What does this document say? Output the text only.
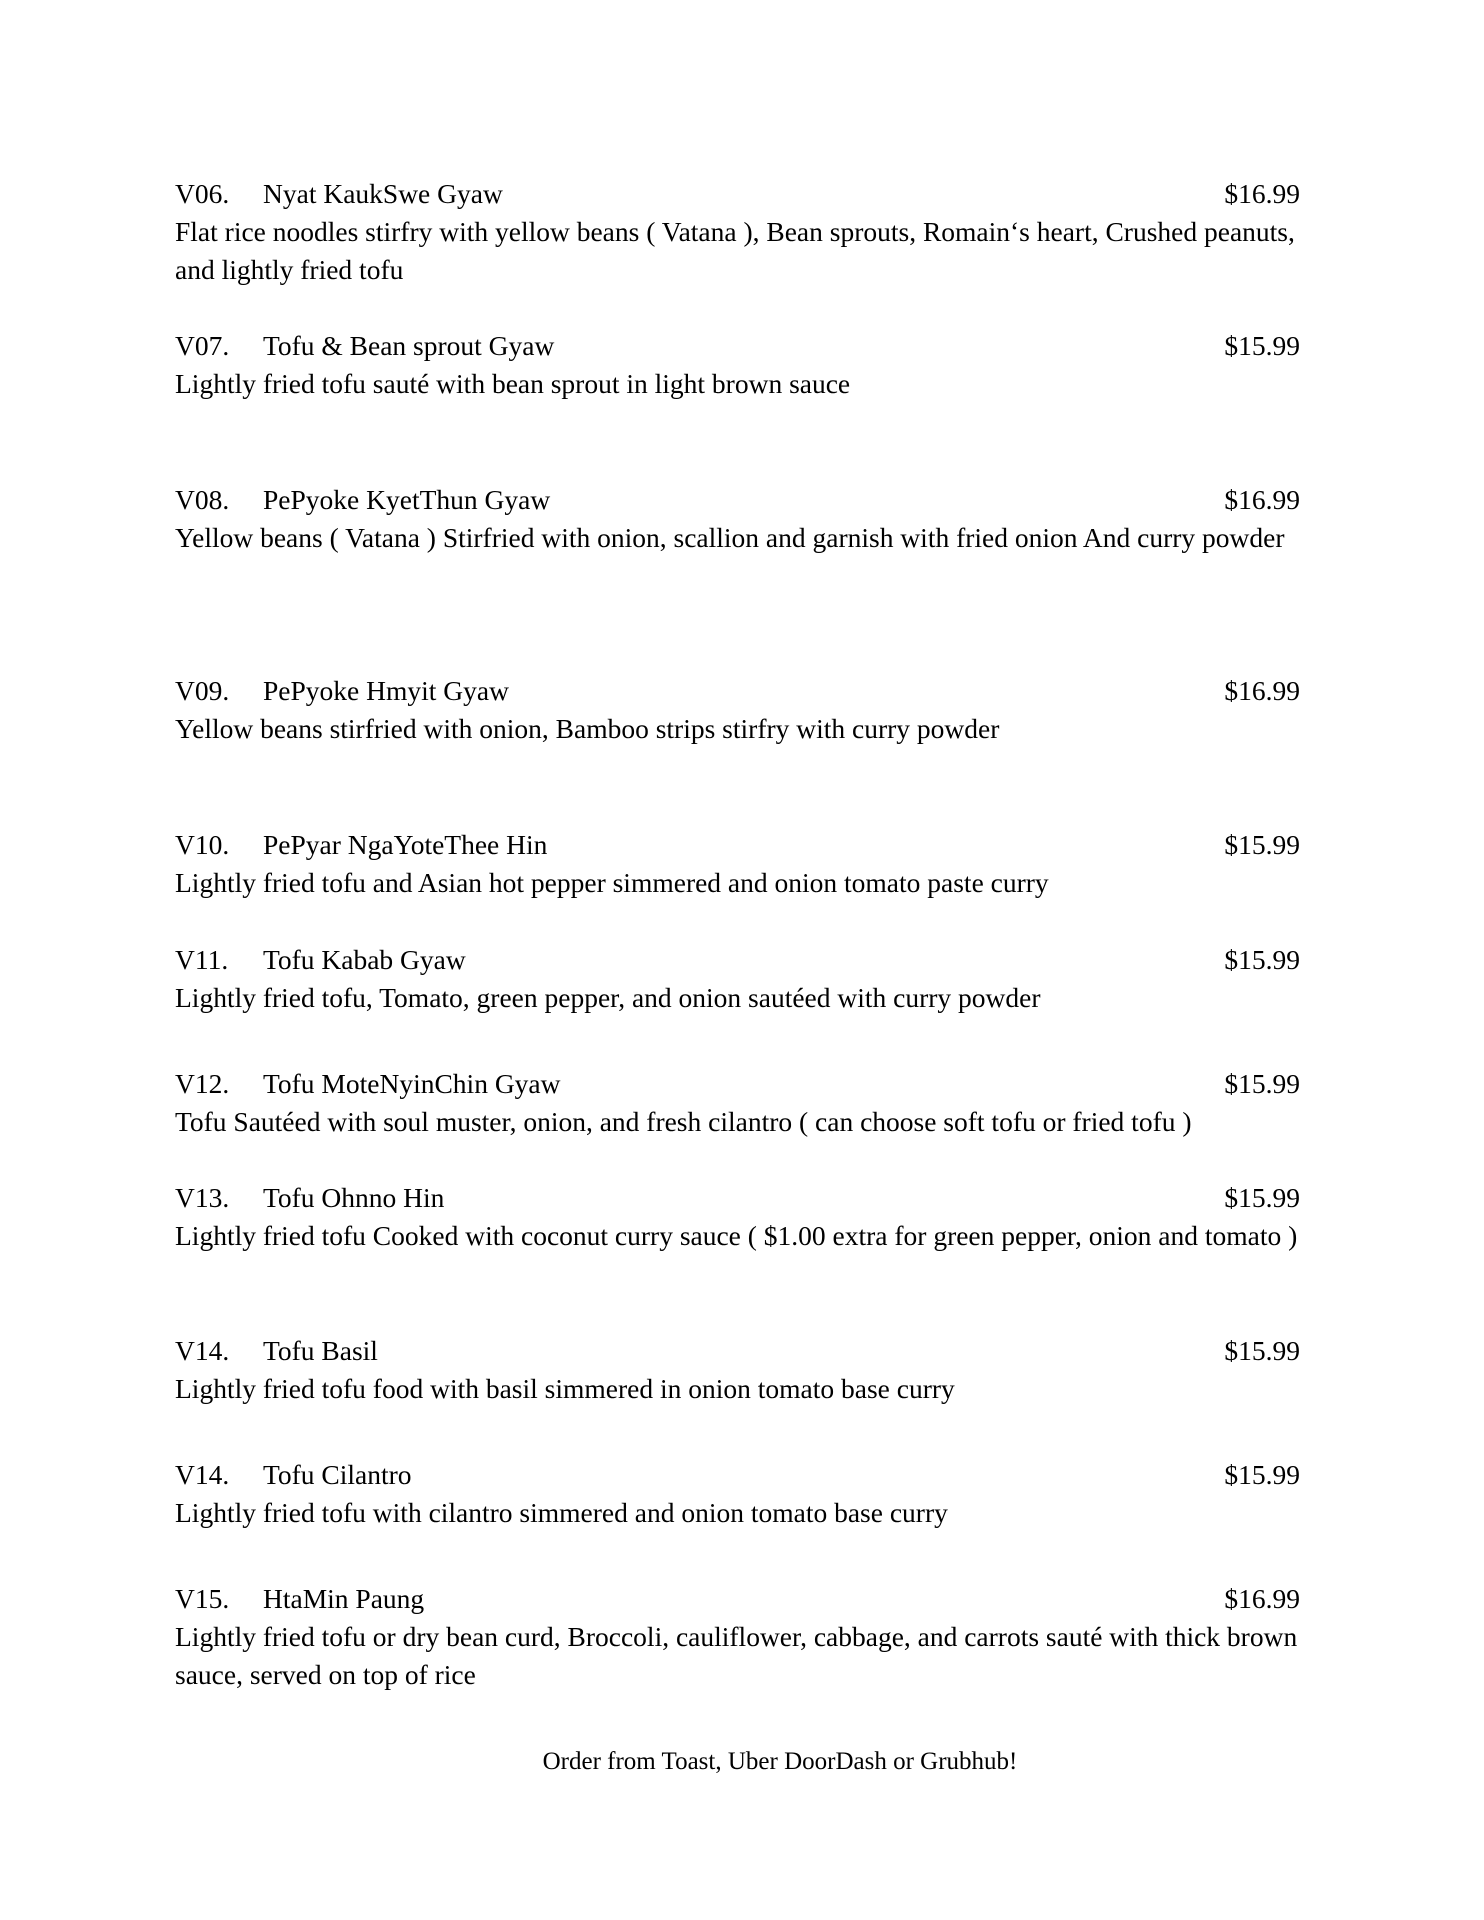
V06. Nyat KaukSwe Gyaw	$16.99
Flat rice noodles stirfry with yellow beans ( Vatana ), Bean sprouts, Romain‘s heart, Crushed peanuts, and lightly fried tofu
V07. Tofu & Bean sprout Gyaw	$15.99
Lightly fried tofu sauté with bean sprout in light brown sauce
V08. PePyoke KyetThun Gyaw	$16.99
Yellow beans ( Vatana ) Stirfried with onion, scallion and garnish with fried onion And curry powder
V09. PePyoke Hmyit Gyaw	$16.99
Yellow beans stirfried with onion, Bamboo strips stirfry with curry powder
V10. PePyar NgaYoteThee Hin	$15.99
Lightly fried tofu and Asian hot pepper simmered and onion tomato paste curry
V11. Tofu Kabab Gyaw	$15.99
Lightly fried tofu, Tomato, green pepper, and onion sautéed with curry powder
V12. Tofu MoteNyinChin Gyaw	$15.99
Tofu Sautéed with soul muster, onion, and fresh cilantro ( can choose soft tofu or fried tofu )
V13. Tofu Ohnno Hin	$15.99
Lightly fried tofu Cooked with coconut curry sauce ( $1.00 extra for green pepper, onion and tomato )
V14. Tofu Basil	$15.99
Lightly fried tofu food with basil simmered in onion tomato base curry
V14. Tofu Cilantro	$15.99
Lightly fried tofu with cilantro simmered and onion tomato base curry
V15. HtaMin Paung	$16.99
Lightly fried tofu or dry bean curd, Broccoli, cauliflower, cabbage, and carrots sauté with thick brown sauce, served on top of rice
Order from Toast, Uber DoorDash or Grubhub!
